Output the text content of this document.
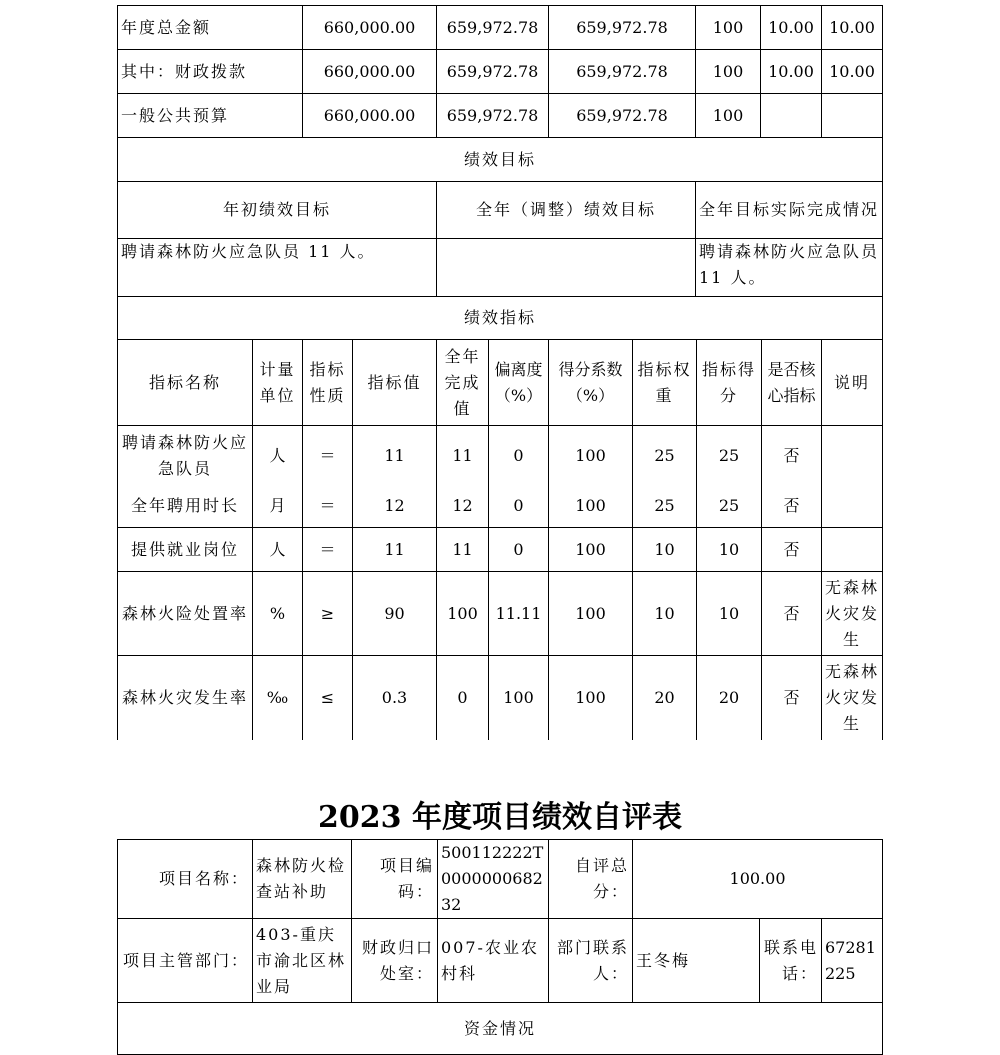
年度总金额	660,000.00	659,972.78	659,972.78	100	10.00	10.00
其中：财政拨款	660,000.00	659,972.78	659,972.78	100	10.00	10.00
一般公共预算	660,000.00	659,972.78	659,972.78	100		
绩效目标						
年初绩效目标		全年（调整）绩效目标		全年目标实际完成情况		
聘请森林防火应急队员 11 人。				聘请森林防火应急队员 11 人。		
绩效指标										
指标名称	计量单位	指标性质	指标值	全年完成值	偏离度（%）	得分系数（%）	指标权重	指标得分	是否核心指标	说明
聘请森林防火应急队员	人	＝	11	11	0	100	25	25	否	
全年聘用时长	月	＝	12	12	0	100	25	25	否	
提供就业岗位	人	＝	11	11	0	100	10	10	否	
森林火险处置率	%	≥	90	100	11.11	100	10	10	否	无森林火灾发生
森林火灾发生率	‰	≤	0.3	0	100	100	20	20	否	无森林火灾发生
2023 年度项目绩效自评表
项目名称：	森林防火检查站补助	项目编码：	500112222T000000068232	自评总分：	100.00		
项目主管部门：	403-重庆市渝北区林业局	财政归口处室：	007-农业农村科	部门联系人：	王冬梅	联系电话：	67281225
资金情况							
